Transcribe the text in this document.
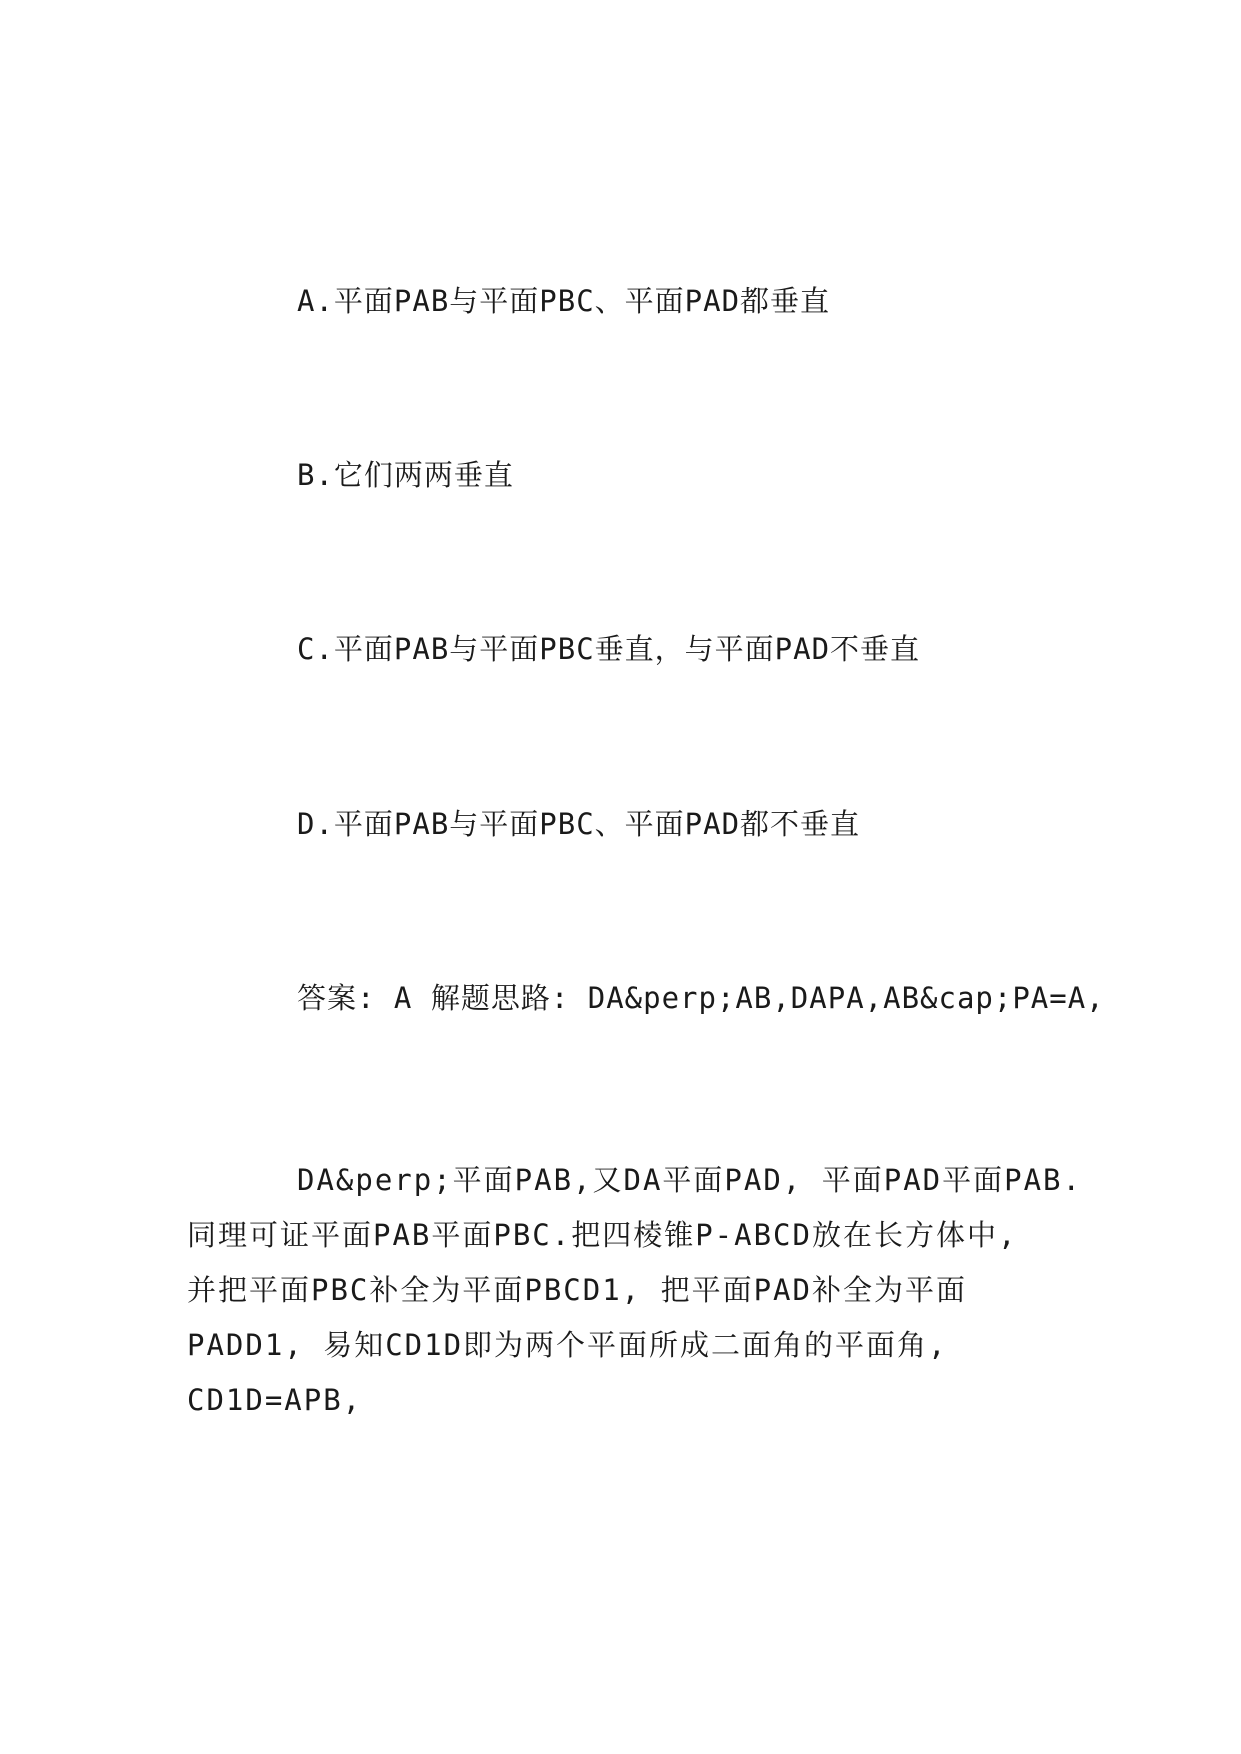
A.平面PAB与平面PBC、平面PAD都垂直
B.它们两两垂直
C.平面PAB与平面PBC垂直，与平面PAD不垂直
D.平面PAB与平面PBC、平面PAD都不垂直
答案: A 解题思路: DA&perp;AB,DAPA,AB&cap;PA=A,
DA&perp;平面PAB,又DA平面PAD, 平面PAD平面PAB.
同理可证平面PAB平面PBC.把四棱锥P-ABCD放在长方体中,
并把平面PBC补全为平面PBCD1, 把平面PAD补全为平面
PADD1, 易知CD1D即为两个平面所成二面角的平面角,
CD1D=APB,
